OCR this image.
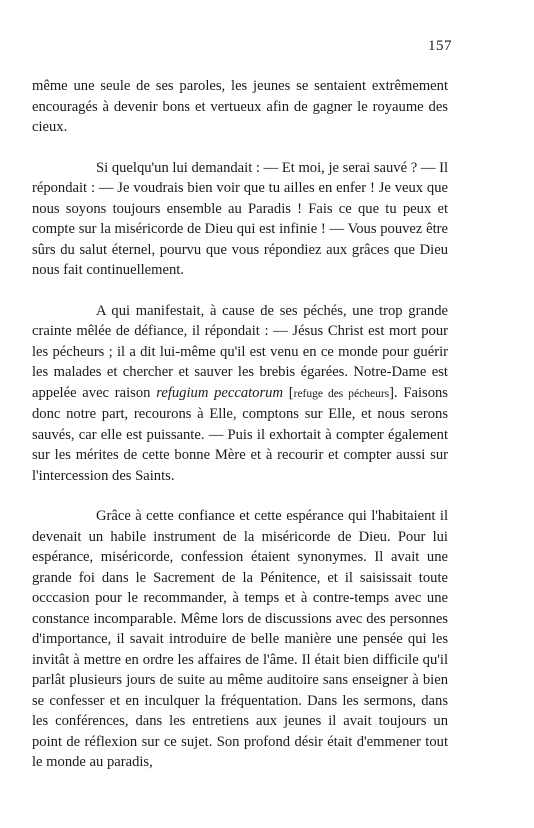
157

même une seule de ses paroles, les jeunes se sentaient extrêmement encouragés à devenir bons et vertueux afin de gagner le royaume des cieux.

Si quelqu'un lui demandait : — Et moi, je serai sauvé ? — Il répondait : — Je voudrais bien voir que tu ailles en enfer ! Je veux que nous soyons toujours ensemble au Paradis ! Fais ce que tu peux et compte sur la miséricorde de Dieu qui est infinie ! — Vous pouvez être sûrs du salut éternel, pourvu que vous répondiez aux grâces que Dieu nous fait continuellement.

A qui manifestait, à cause de ses péchés, une trop grande crainte mêlée de défiance, il répondait : — Jésus Christ est mort pour les pécheurs ; il a dit lui-même qu'il est venu en ce monde pour guérir les malades et chercher et sauver les brebis égarées. Notre-Dame est appelée avec raison refugium peccatorum [refuge des pécheurs]. Faisons donc notre part, recourons à Elle, comptons sur Elle, et nous serons sauvés, car elle est puissante. — Puis il exhortait à compter également sur les mérites de cette bonne Mère et à recourir et compter aussi sur l'intercession des Saints.

Grâce à cette confiance et cette espérance qui l'habitaient il devenait un habile instrument de la miséricorde de Dieu. Pour lui espérance, miséricorde, confession étaient synonymes. Il avait une grande foi dans le Sacrement de la Pénitence, et il saisissait toute occcasion pour le recommander, à temps et à contre-temps avec une constance incomparable. Même lors de discussions avec des personnes d'importance, il savait introduire de belle manière une pensée qui les invitât à mettre en ordre les affaires de l'âme. Il était bien difficile qu'il parlât plusieurs jours de suite au même auditoire sans enseigner à bien se confesser et en inculquer la fréquentation. Dans les sermons, dans les conférences, dans les entretiens aux jeunes il avait toujours un point de réflexion sur ce sujet. Son profond désir était d'emmener tout le monde au paradis,
